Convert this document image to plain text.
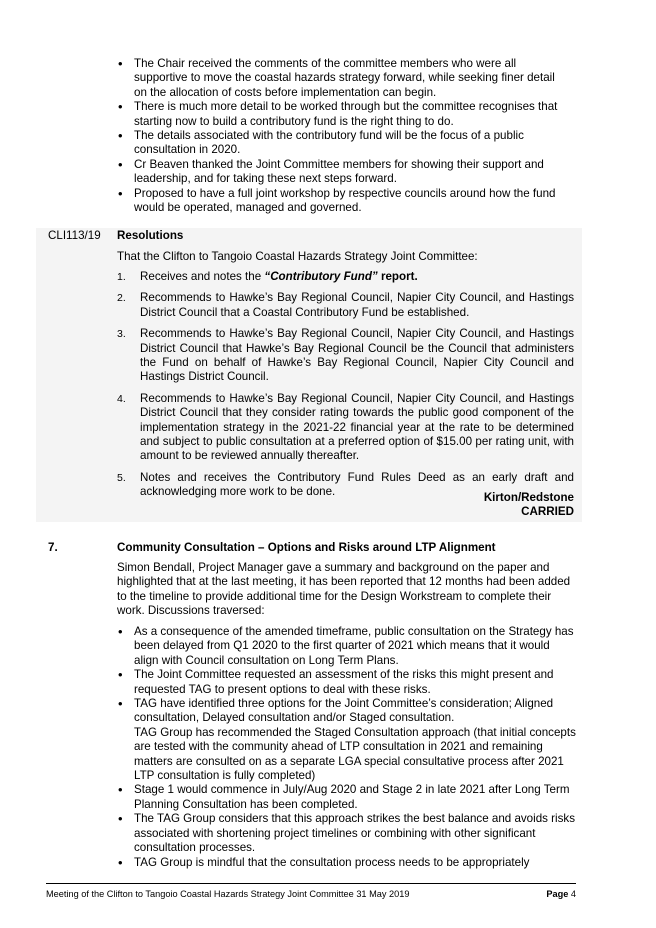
• The Chair received the comments of the committee members who were all supportive to move the coastal hazards strategy forward, while seeking finer detail on the allocation of costs before implementation can begin.
• There is much more detail to be worked through but the committee recognises that starting now to build a contributory fund is the right thing to do.
• The details associated with the contributory fund will be the focus of a public consultation in 2020.
• Cr Beaven thanked the Joint Committee members for showing their support and leadership, and for taking these next steps forward.
• Proposed to have a full joint workshop by respective councils around how the fund would be operated, managed and governed.
CLI113/19 Resolutions
That the Clifton to Tangoio Coastal Hazards Strategy Joint Committee:
1. Receives and notes the “Contributory Fund” report.
2. Recommends to Hawke’s Bay Regional Council, Napier City Council, and Hastings District Council that a Coastal Contributory Fund be established.
3. Recommends to Hawke’s Bay Regional Council, Napier City Council, and Hastings District Council that Hawke’s Bay Regional Council be the Council that administers the Fund on behalf of Hawke’s Bay Regional Council, Napier City Council and Hastings District Council.
4. Recommends to Hawke’s Bay Regional Council, Napier City Council, and Hastings District Council that they consider rating towards the public good component of the implementation strategy in the 2021-22 financial year at the rate to be determined and subject to public consultation at a preferred option of $15.00 per rating unit, with amount to be reviewed annually thereafter.
5. Notes and receives the Contributory Fund Rules Deed as an early draft and acknowledging more work to be done.	Kirton/Redstone
CARRIED
7.	Community Consultation – Options and Risks around LTP Alignment
Simon Bendall, Project Manager gave a summary and background on the paper and highlighted that at the last meeting, it has been reported that 12 months had been added to the timeline to provide additional time for the Design Workstream to complete their work. Discussions traversed:
• As a consequence of the amended timeframe, public consultation on the Strategy has been delayed from Q1 2020 to the first quarter of 2021 which means that it would align with Council consultation on Long Term Plans.
• The Joint Committee requested an assessment of the risks this might present and requested TAG to present options to deal with these risks.
• TAG have identified three options for the Joint Committee’s consideration; Aligned consultation, Delayed consultation and/or Staged consultation.
TAG Group has recommended the Staged Consultation approach (that initial concepts are tested with the community ahead of LTP consultation in 2021 and remaining matters are consulted on as a separate LGA special consultative process after 2021 LTP consultation is fully completed)
• Stage 1 would commence in July/Aug 2020 and Stage 2 in late 2021 after Long Term Planning Consultation has been completed.
• The TAG Group considers that this approach strikes the best balance and avoids risks associated with shortening project timelines or combining with other significant consultation processes.
• TAG Group is mindful that the consultation process needs to be appropriately
Meeting of the Clifton to Tangoio Coastal Hazards Strategy Joint Committee 31 May 2019	Page 4
